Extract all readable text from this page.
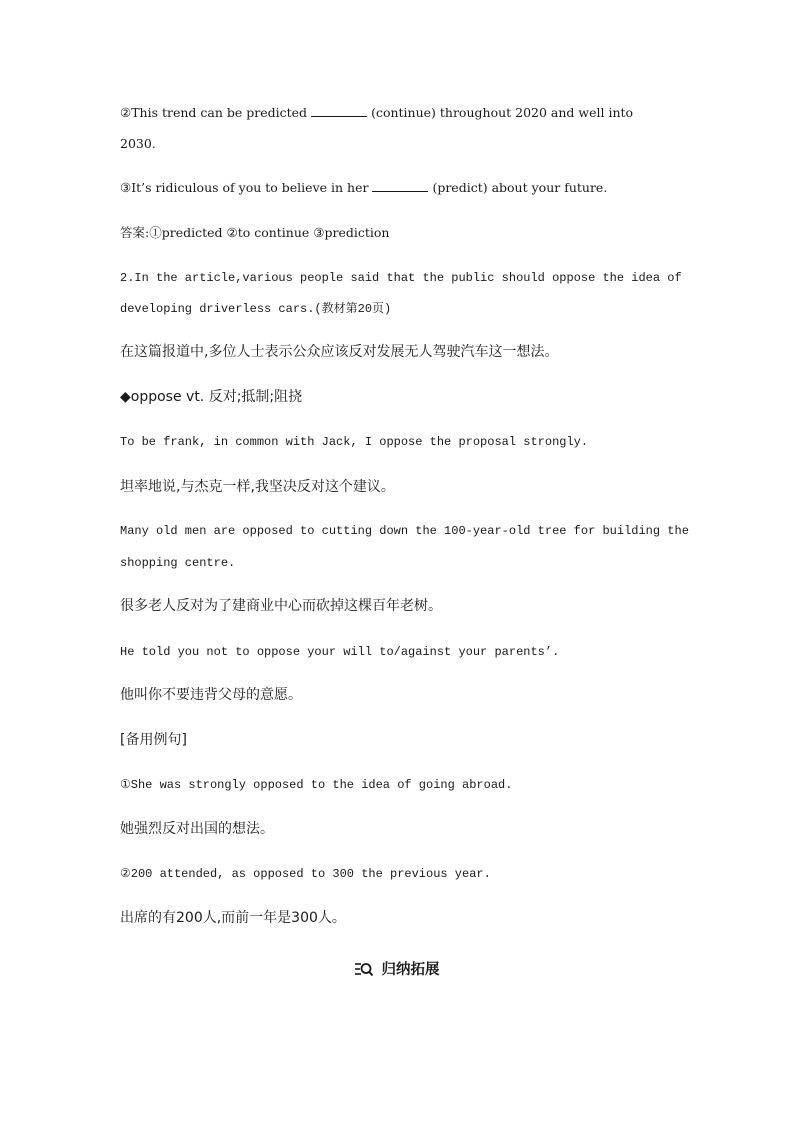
②This trend can be predicted	(continue) throughout 2020 and well into
2030.
③It’s ridiculous of you to believe in her	(predict) about your future.
答案:①predicted ②to continue ③prediction
2.In the article,various people said that the public should oppose the idea of
developing driverless cars.(教材第20页)
在这篇报道中,多位人士表示公众应该反对发展无人驾驶汽车这一想法。
◆oppose vt. 反对;抵制;阻挠
To be frank, in common with Jack, I oppose the proposal strongly.
坦率地说,与杰克一样,我坚决反对这个建议。
Many old men are opposed to cutting down the 100-year-old tree for building the
shopping centre.
很多老人反对为了建商业中心而砍掉这棵百年老树。
He told you not to oppose your will to/against your parents’.
他叫你不要违背父母的意愿。
[备用例句]
①She was strongly opposed to the idea of going abroad.
她强烈反对出国的想法。
②200 attended, as opposed to 300 the previous year.
出席的有200人,而前一年是300人。
归纳拓展
